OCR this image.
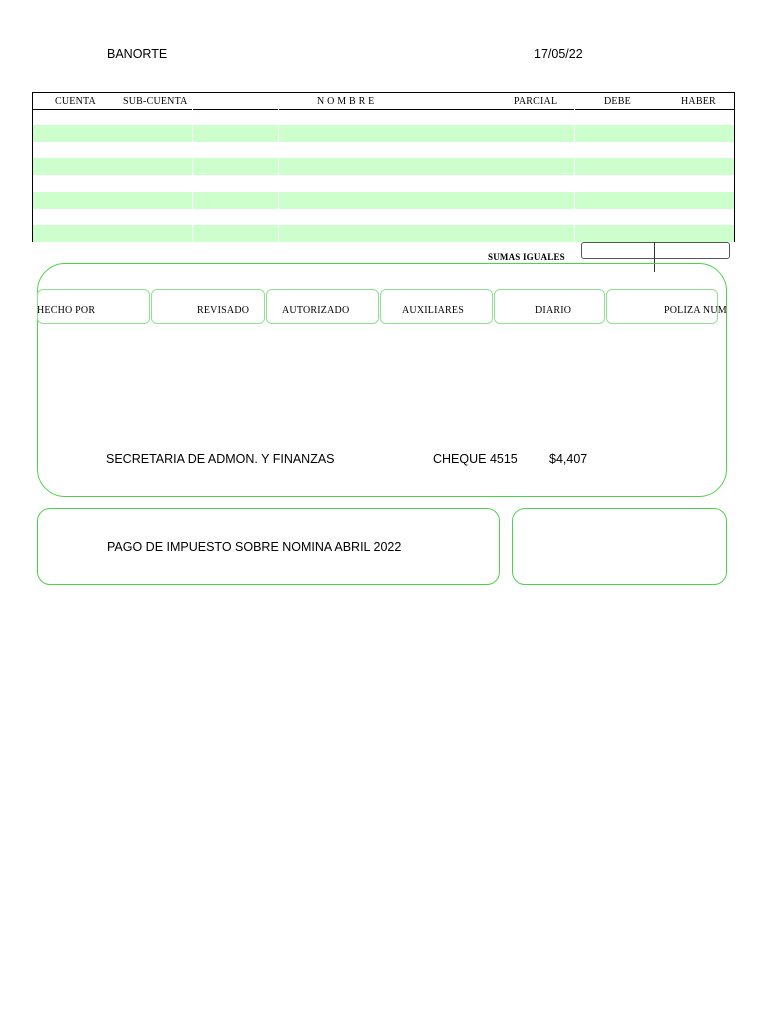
BANORTE	17/05/22
CUENTA	SUB-CUENTA	N O M B R E	PARCIAL	DEBE	HABER
SUMAS IGUALES
HECHO POR	REVISADO	AUTORIZADO	AUXILIARES	DIARIO	POLIZA NUM
SECRETARIA DE ADMON. Y FINANZAS	CHEQUE 4515 $4,407
PAGO DE IMPUESTO SOBRE NOMINA ABRIL 2022
